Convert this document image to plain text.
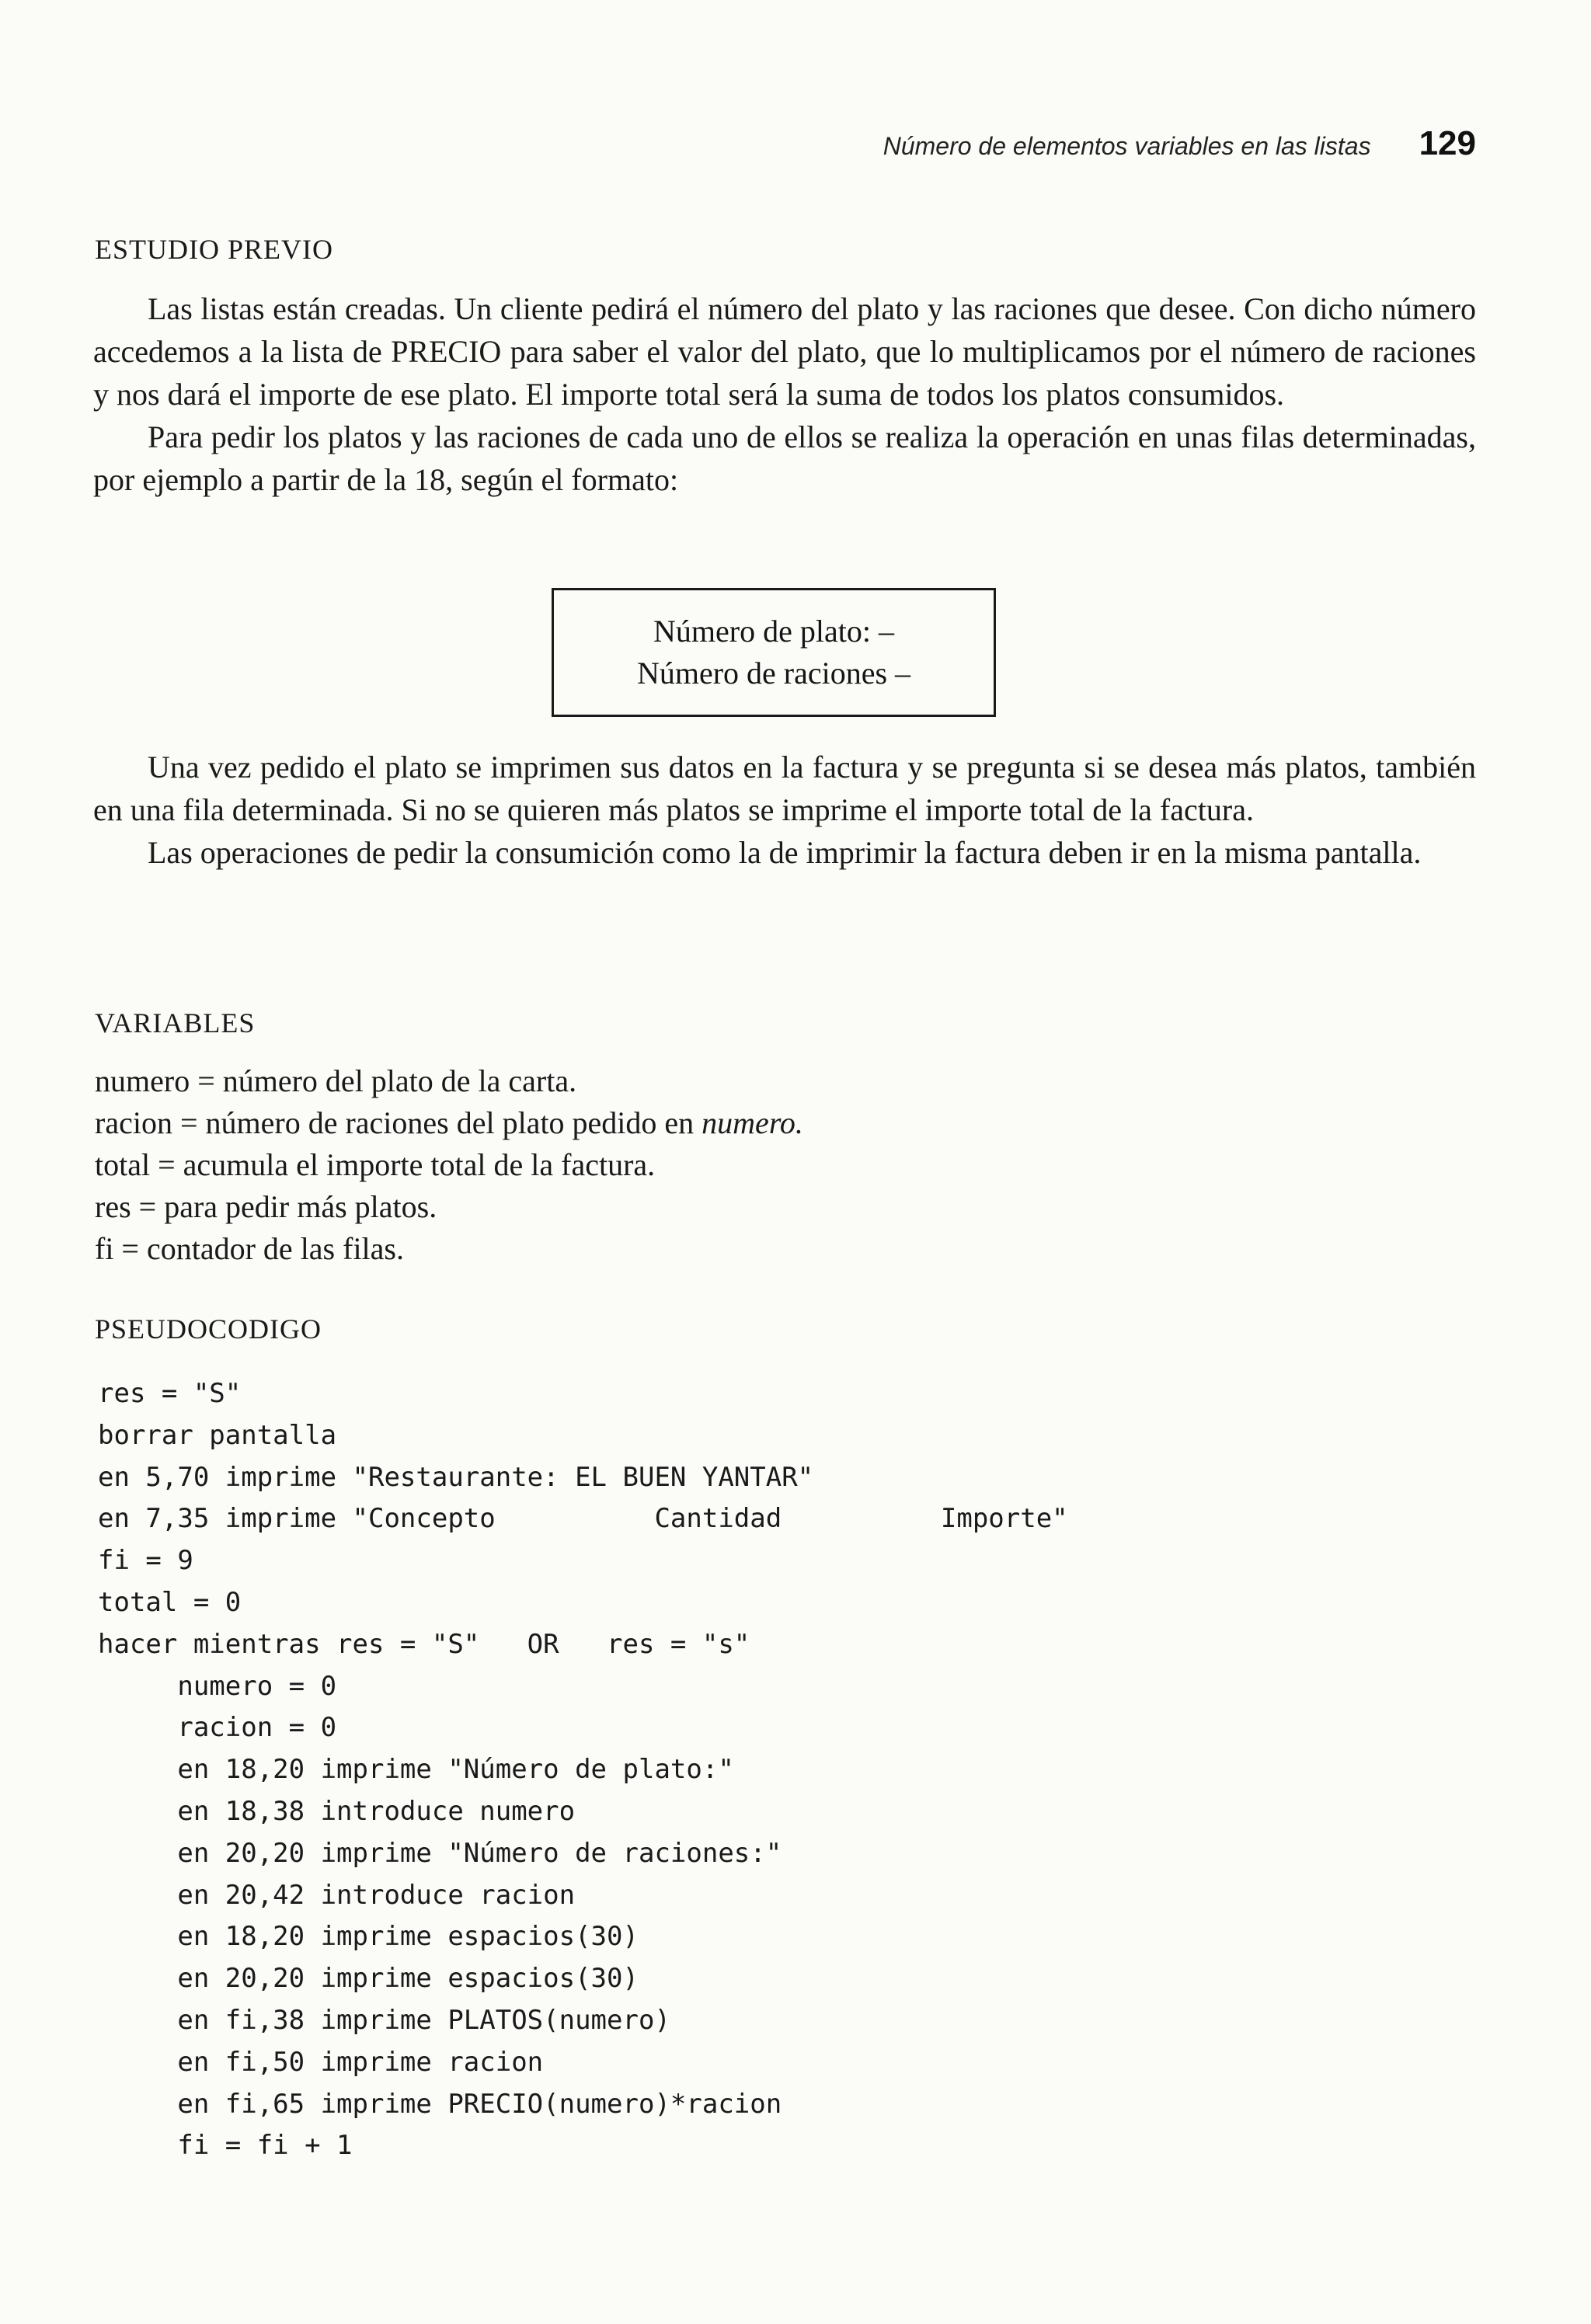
Número de elementos variables en las listas 129
ESTUDIO PREVIO

Las listas están creadas. Un cliente pedirá el número del plato y las raciones que desee. Con dicho número accedemos a la lista de PRECIO para saber el valor del plato, que lo multiplicamos por el número de raciones y nos dará el importe de ese plato. El importe total será la suma de todos los platos consumidos.

Para pedir los platos y las raciones de cada uno de ellos se realiza la operación en unas filas determinadas, por ejemplo a partir de la 18, según el formato:

Número de plato: –
Número de raciones –

Una vez pedido el plato se imprimen sus datos en la factura y se pregunta si se desea más platos, también en una fila determinada. Si no se quieren más platos se imprime el importe total de la factura.

Las operaciones de pedir la consumición como la de imprimir la factura deben ir en la misma pantalla.

VARIABLES
numero = número del plato de la carta.
racion = número de raciones del plato pedido en numero.
total = acumula el importe total de la factura.
res = para pedir más platos.
fi = contador de las filas.
PSEUDOCODIGO
res = "S"
borrar pantalla
en 5,70 imprime "Restaurante: EL BUEN YANTAR"
en 7,35 imprime "Concepto          Cantidad          Importe"
fi = 9
total = 0
hacer mientras res = "S"   OR   res = "s"
numero = 0
racion = 0
en 18,20 imprime "Número de plato:"
en 18,38 introduce numero
en 20,20 imprime "Número de raciones:"
en 20,42 introduce racion
en 18,20 imprime espacios(30)
en 20,20 imprime espacios(30)
en fi,38 imprime PLATOS(numero)
en fi,50 imprime racion
en fi,65 imprime PRECIO(numero)*racion
fi = fi + 1
